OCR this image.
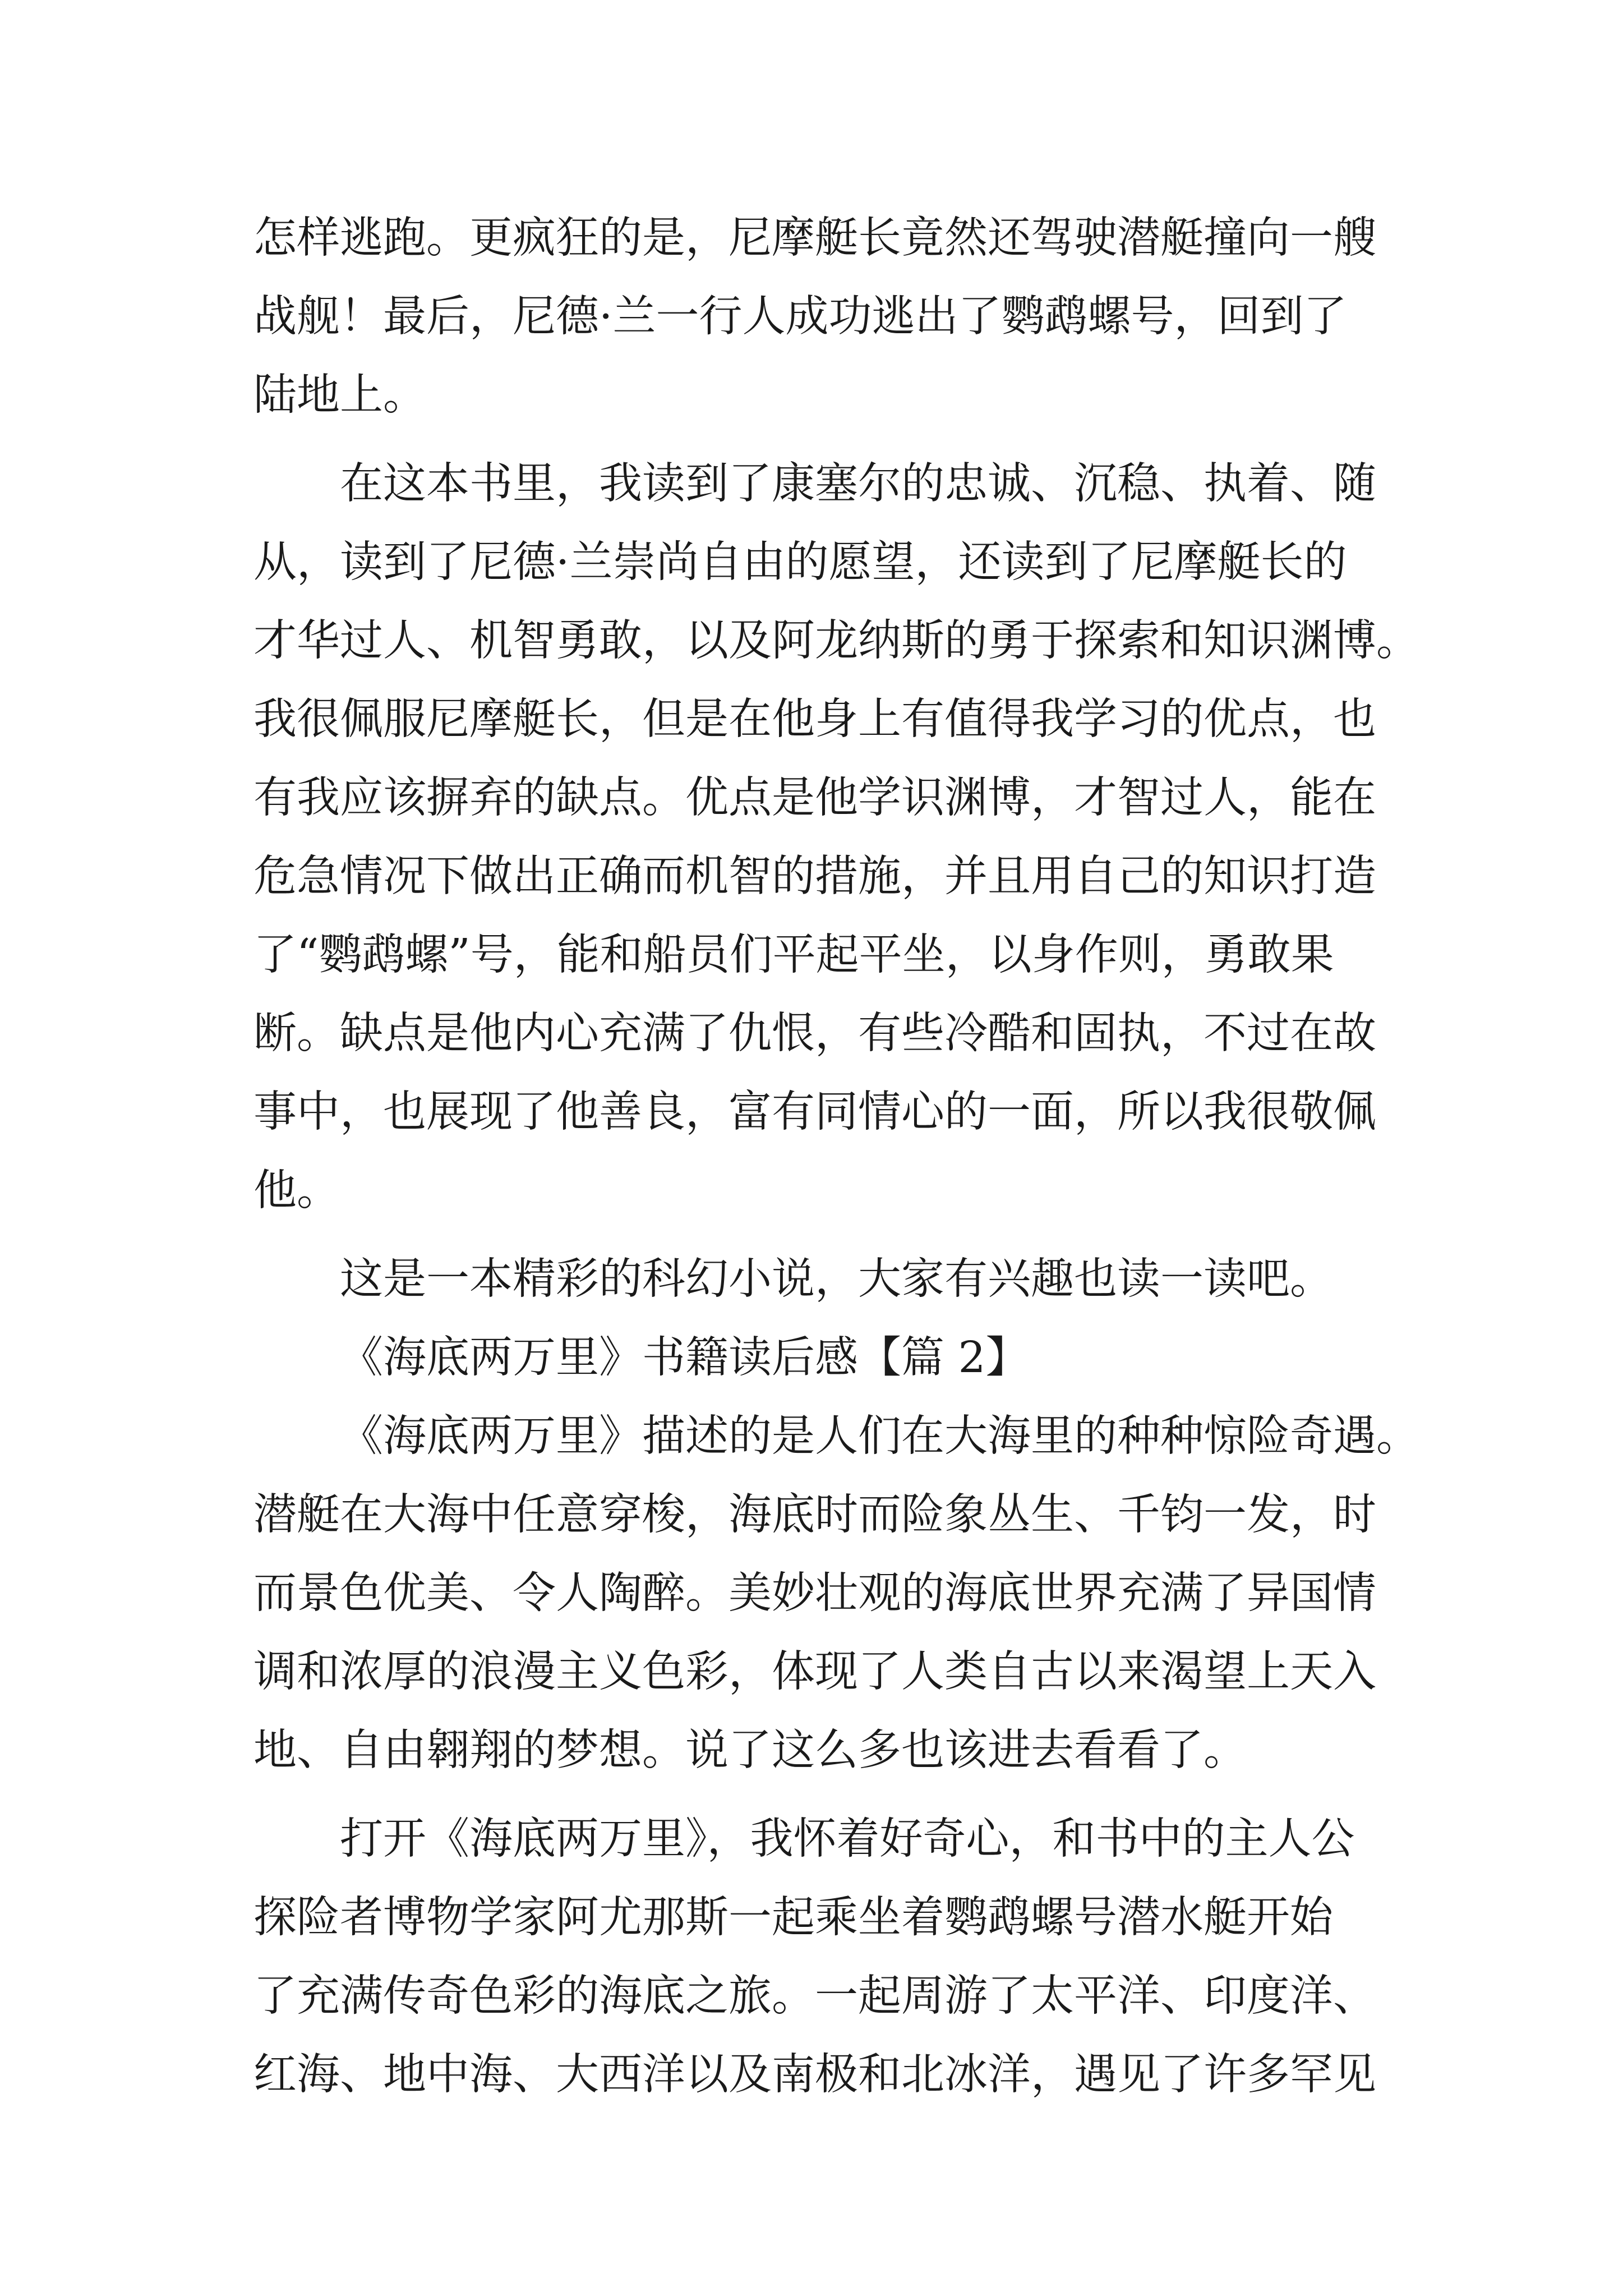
怎样逃跑。更疯狂的是，尼摩艇长竟然还驾驶潜艇撞向一艘
战舰！最后，尼德·兰一行人成功逃出了鹦鹉螺号，回到了
陆地上。
在这本书里，我读到了康塞尔的忠诚、沉稳、执着、随
从，读到了尼德·兰崇尚自由的愿望，还读到了尼摩艇长的
才华过人、机智勇敢，以及阿龙纳斯的勇于探索和知识渊博。
我很佩服尼摩艇长，但是在他身上有值得我学习的优点，也
有我应该摒弃的缺点。优点是他学识渊博，才智过人，能在
危急情况下做出正确而机智的措施，并且用自己的知识打造
了“鹦鹉螺”号，能和船员们平起平坐，以身作则，勇敢果
断。缺点是他内心充满了仇恨，有些冷酷和固执，不过在故
事中，也展现了他善良，富有同情心的一面，所以我很敬佩
他。
这是一本精彩的科幻小说，大家有兴趣也读一读吧。
《海底两万里》书籍读后感【篇 2】
《海底两万里》描述的是人们在大海里的种种惊险奇遇。
潜艇在大海中任意穿梭，海底时而险象丛生、千钧一发，时
而景色优美、令人陶醉。美妙壮观的海底世界充满了异国情
调和浓厚的浪漫主义色彩，体现了人类自古以来渴望上天入
地、自由翱翔的梦想。说了这么多也该进去看看了。
打开《海底两万里》，我怀着好奇心，和书中的主人公
探险者博物学家阿尤那斯一起乘坐着鹦鹉螺号潜水艇开始
了充满传奇色彩的海底之旅。一起周游了太平洋、印度洋、
红海、地中海、大西洋以及南极和北冰洋，遇见了许多罕见
